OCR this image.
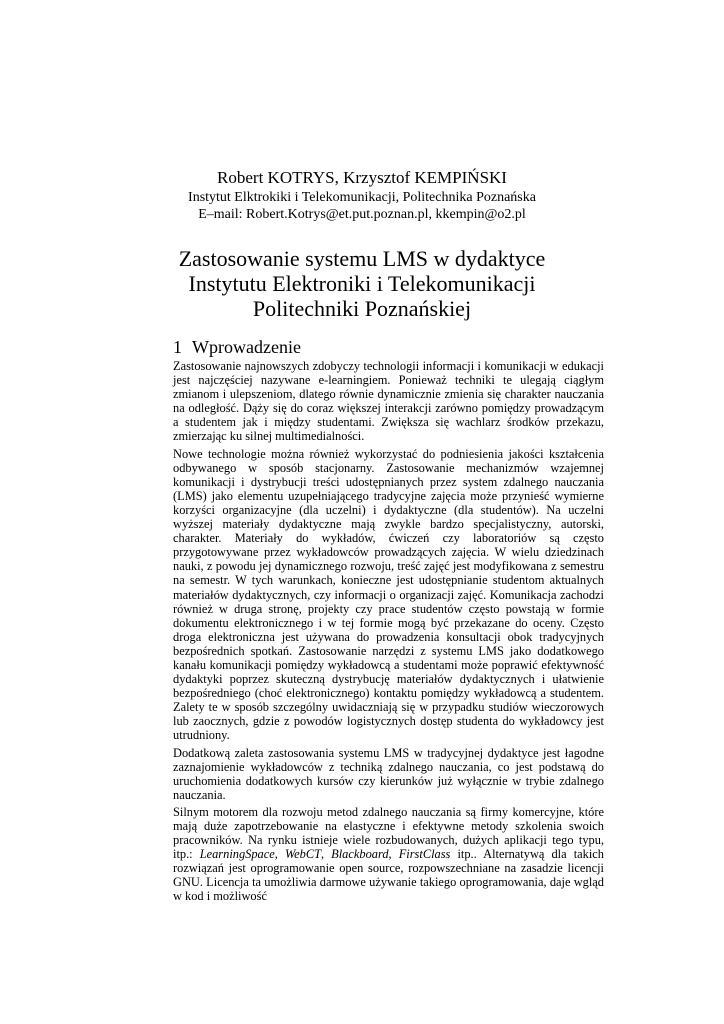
Robert KOTRYS, Krzysztof KEMPIŃSKI
Instytut Elktrokiki i Telekomunikacji, Politechnika Poznańska
E–mail: Robert.Kotrys@et.put.poznan.pl, kkempin@o2.pl
Zastosowanie systemu LMS w dydaktyce
Instytutu Elektroniki i Telekomunikacji
Politechniki Poznańskiej
1 Wprowadzenie

Zastosowanie najnowszych zdobyczy technologii informacji i komunikacji w edukacji jest najczęściej nazywane e-learningiem. Ponieważ techniki te ulegają ciągłym zmianom i ulepszeniom, dlatego równie dynamicznie zmienia się charakter nauczania na odległość. Dąży się do coraz większej interakcji zarówno pomiędzy prowadzącym a studentem jak i między studentami. Zwiększa się wachlarz środków przekazu, zmierzając ku silnej multimedialności.

Nowe technologie można również wykorzystać do podniesienia jakości kształcenia odbywanego w sposób stacjonarny. Zastosowanie mechanizmów wzajemnej komunikacji i dystrybucji treści udostępnianych przez system zdalnego nauczania (LMS) jako elementu uzupełniającego tradycyjne zajęcia może przynieść wymierne korzyści organizacyjne (dla uczelni) i dydaktyczne (dla studentów). Na uczelni wyższej materiały dydaktyczne mają zwykle bardzo specjalistyczny, autorski, charakter. Materiały do wykładów, ćwiczeń czy laboratoriów są często przygotowywane przez wykładowców prowadzących zajęcia. W wielu dziedzinach nauki, z powodu jej dynamicznego rozwoju, treść zajęć jest modyfikowana z semestru na semestr. W tych warunkach, konieczne jest udostępnianie studentom aktualnych materiałów dydaktycznych, czy informacji o organizacji zajęć. Komunikacja zachodzi również w druga stronę, projekty czy prace studentów często powstają w formie dokumentu elektronicznego i w tej formie mogą być przekazane do oceny. Często droga elektroniczna jest używana do prowadzenia konsultacji obok tradycyjnych bezpośrednich spotkań. Zastosowanie narzędzi z systemu LMS jako dodatkowego kanału komunikacji pomiędzy wykładowcą a studentami może poprawić efektywność dydaktyki poprzez skuteczną dystrybucję materiałów dydaktycznych i ułatwienie bezpośredniego (choć elektronicznego) kontaktu pomiędzy wykładowcą a studentem. Zalety te w sposób szczególny uwidaczniają się w przypadku studiów wieczorowych lub zaocznych, gdzie z powodów logistycznych dostęp studenta do wykładowcy jest utrudniony.

Dodatkową zaleta zastosowania systemu LMS w tradycyjnej dydaktyce jest łagodne zaznajomienie wykładowców z techniką zdalnego nauczania, co jest podstawą do uruchomienia dodatkowych kursów czy kierunków już wyłącznie w trybie zdalnego nauczania.

Silnym motorem dla rozwoju metod zdalnego nauczania są firmy komercyjne, które mają duże zapotrzebowanie na elastyczne i efektywne metody szkolenia swoich pracowników. Na rynku istnieje wiele rozbudowanych, dużych aplikacji tego typu, itp.: LearningSpace, WebCT, Blackboard, FirstClass itp.. Alternatywą dla takich rozwiązań jest oprogramowanie open source, rozpowszechniane na zasadzie licencji GNU. Licencja ta umożliwia darmowe używanie takiego oprogramowania, daje wgląd w kod i możliwość
